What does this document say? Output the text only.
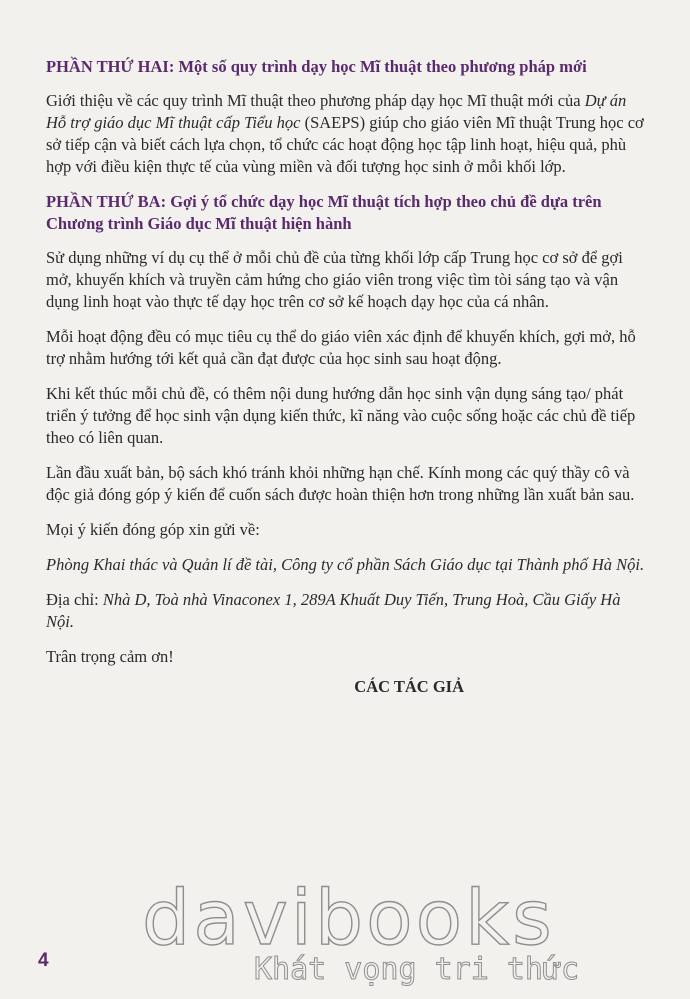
PHẦN THỨ HAI: Một số quy trình dạy học Mĩ thuật theo phương pháp mới

Giới thiệu về các quy trình Mĩ thuật theo phương pháp dạy học Mĩ thuật mới của Dự án Hỗ trợ giáo dục Mĩ thuật cấp Tiểu học (SAEPS) giúp cho giáo viên Mĩ thuật Trung học cơ sở tiếp cận và biết cách lựa chọn, tổ chức các hoạt động học tập linh hoạt, hiệu quả, phù hợp với điều kiện thực tế của vùng miền và đối tượng học sinh ở mỗi khối lớp.

PHẦN THỨ BA: Gợi ý tổ chức dạy học Mĩ thuật tích hợp theo chủ đề dựa trên Chương trình Giáo dục Mĩ thuật hiện hành

Sử dụng những ví dụ cụ thể ở mỗi chủ đề của từng khối lớp cấp Trung học cơ sở để gợi mở, khuyến khích và truyền cảm hứng cho giáo viên trong việc tìm tòi sáng tạo và vận dụng linh hoạt vào thực tế dạy học trên cơ sở kế hoạch dạy học của cá nhân.

Mỗi hoạt động đều có mục tiêu cụ thể do giáo viên xác định để khuyến khích, gợi mở, hỗ trợ nhằm hướng tới kết quả cần đạt được của học sinh sau hoạt động.

Khi kết thúc mỗi chủ đề, có thêm nội dung hướng dẫn học sinh vận dụng sáng tạo/ phát triển ý tưởng để học sinh vận dụng kiến thức, kĩ năng vào cuộc sống hoặc các chủ đề tiếp theo có liên quan.

Lần đầu xuất bản, bộ sách khó tránh khỏi những hạn chế. Kính mong các quý thầy cô và độc giả đóng góp ý kiến để cuốn sách được hoàn thiện hơn trong những lần xuất bản sau.

Mọi ý kiến đóng góp xin gửi về:

Phòng Khai thác và Quản lí đề tài, Công ty cổ phần Sách Giáo dục tại Thành phố Hà Nội.

Địa chỉ: Nhà D, Toà nhà Vinaconex 1, 289A Khuất Duy Tiến, Trung Hoà, Cầu Giấy Hà Nội.

Trân trọng cảm ơn!

CÁC TÁC GIẢ
4 davibooks
Khát vọng tri thức
